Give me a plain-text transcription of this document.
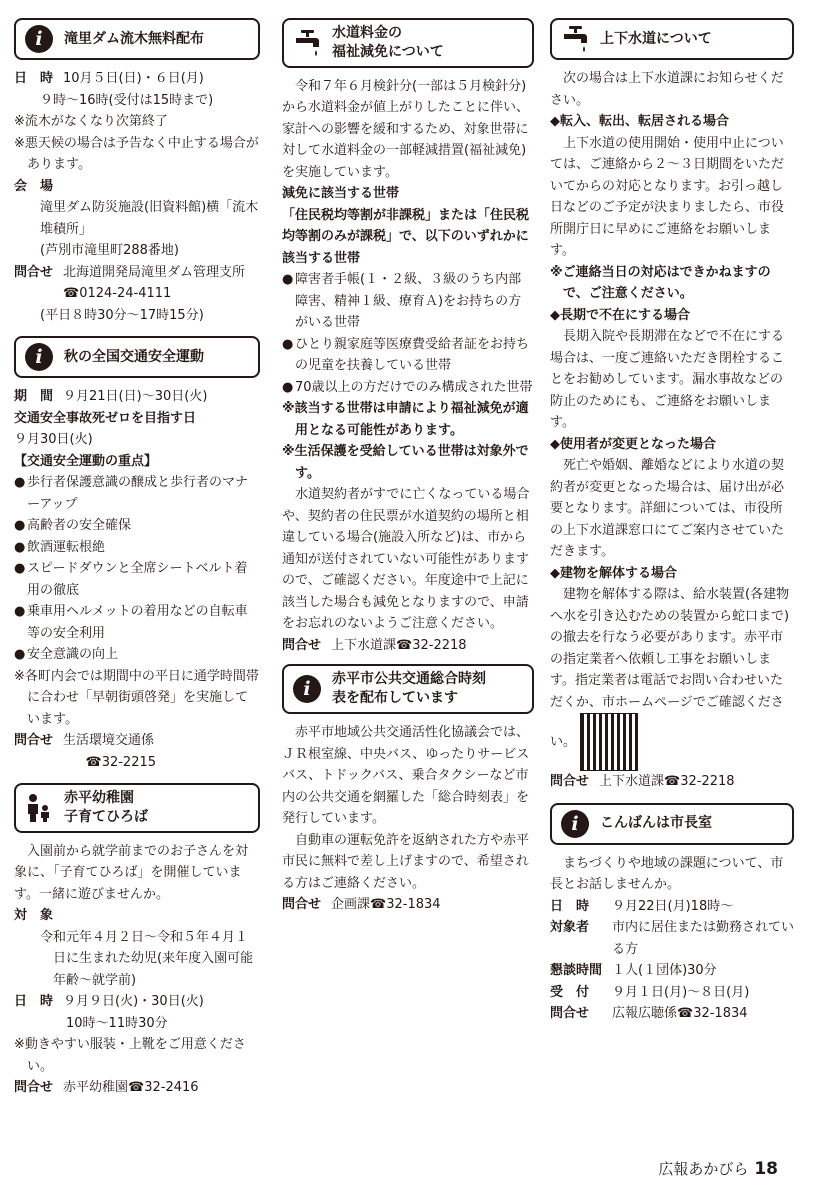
i	滝里ダム流木無料配布
日　時 10月５日(日)・６日(月)
９時〜16時(受付は15時まで)
※流木がなくなり次第終了
※悪天候の場合は予告なく中止する場合があります。
会　場
滝里ダム防災施設(旧資料館)横「流木堆積所」
(芦別市滝里町288番地)
問合せ 北海道開発局滝里ダム管理支所☎0124-24-4111
(平日８時30分〜17時15分)
i	秋の全国交通安全運動
期　間 ９月21日(日)〜30日(火)
交通安全事故死ゼロを目指す日
９月30日(火)
【交通安全運動の重点】
● 歩行者保護意識の醸成と歩行者のマナーアップ
● 高齢者の安全確保
● 飲酒運転根絶
● スピードダウンと全席シートベルト着用の徹底
● 乗車用ヘルメットの着用などの自転車等の安全利用
● 安全意識の向上
※各町内会では期間中の平日に通学時間帯に合わせ「早朝街頭啓発」を実施しています。
問合せ 生活環境交通係
☎32-2215
赤平幼稚園
子育てひろば

入園前から就学前までのお子さんを対象に、「子育てひろば」を開催しています。一緒に遊びませんか。

対　象
令和元年４月２日〜令和５年４月１日に生まれた幼児(来年度入園可能年齢〜就学前)
日　時 ９月９日(火)・30日(火)
10時〜11時30分
※動きやすい服装・上靴をご用意ください。
問合せ 赤平幼稚園☎32-2416
水道料金の
福祉減免について

令和７年６月検針分(一部は５月検針分)から水道料金が値上がりしたことに伴い、家計への影響を緩和するため、対象世帯に対して水道料金の一部軽減措置(福祉減免)を実施しています。

減免に該当する世帯
「住民税均等割が非課税」または「住民税均等割のみが課税」で、以下のいずれかに該当する世帯
● 障害者手帳(１・２級、３級のうち内部障害、精神１級、療育Ａ)をお持ちの方がいる世帯
● ひとり親家庭等医療費受給者証をお持ちの児童を扶養している世帯
● 70歳以上の方だけでのみ構成された世帯
※該当する世帯は申請により福祉減免が適用となる可能性があります。
※生活保護を受給している世帯は対象外です。

水道契約者がすでに亡くなっている場合や、契約者の住民票が水道契約の場所と相違している場合(施設入所など)は、市から通知が送付されていない可能性がありますので、ご確認ください。年度途中で上記に該当した場合も減免となりますので、申請をお忘れのないようご注意ください。

問合せ 上下水道課☎32-2218
i	赤平市公共交通総合時刻
表を配布しています

赤平市地域公共交通活性化協議会では、ＪＲ根室線、中央バス、ゆったりサービスバス、トドックバス、乗合タクシーなど市内の公共交通を網羅した「総合時刻表」を発行しています。

自動車の運転免許を返納された方や赤平市民に無料で差し上げますので、希望される方はご連絡ください。

問合せ 企画課☎32-1834
上下水道について

次の場合は上下水道課にお知らせください。

◆転入、転出、転居される場合

上下水道の使用開始・使用中止については、ご連絡から２〜３日期間をいただいてからの対応となります。お引っ越し日などのご予定が決まりましたら、市役所開庁日に早めにご連絡をお願いします。

※ご連絡当日の対応はできかねますので、ご注意ください。
◆長期で不在にする場合

長期入院や長期滞在などで不在にする場合は、一度ご連絡いただき閉栓することをお勧めしています。漏水事故などの防止のためにも、ご連絡をお願いします。

◆使用者が変更となった場合

死亡や婚姻、離婚などにより水道の契約者が変更となった場合は、届け出が必要となります。詳細については、市役所の上下水道課窓口にてご案内させていただきます。

◆建物を解体する場合

建物を解体する際は、給水装置(各建物へ水を引き込むための装置から蛇口まで)の撤去を行なう必要があります。赤平市の指定業者へ依頼し工事をお願いします。指定業者は電話でお問い合わせいただくか、市ホームページでご確認ください。

問合せ 上下水道課☎32-2218
i	こんばんは市長室

まちづくりや地域の課題について、市長とお話しませんか。

日　時	９月22日(月)18時〜
対象者	市内に居住または勤務されている方
懇談時間 １人(１団体)30分
受　付	９月１日(月)〜８日(月)
問合せ	広報広聴係☎32-1834
広報あかびら 18
